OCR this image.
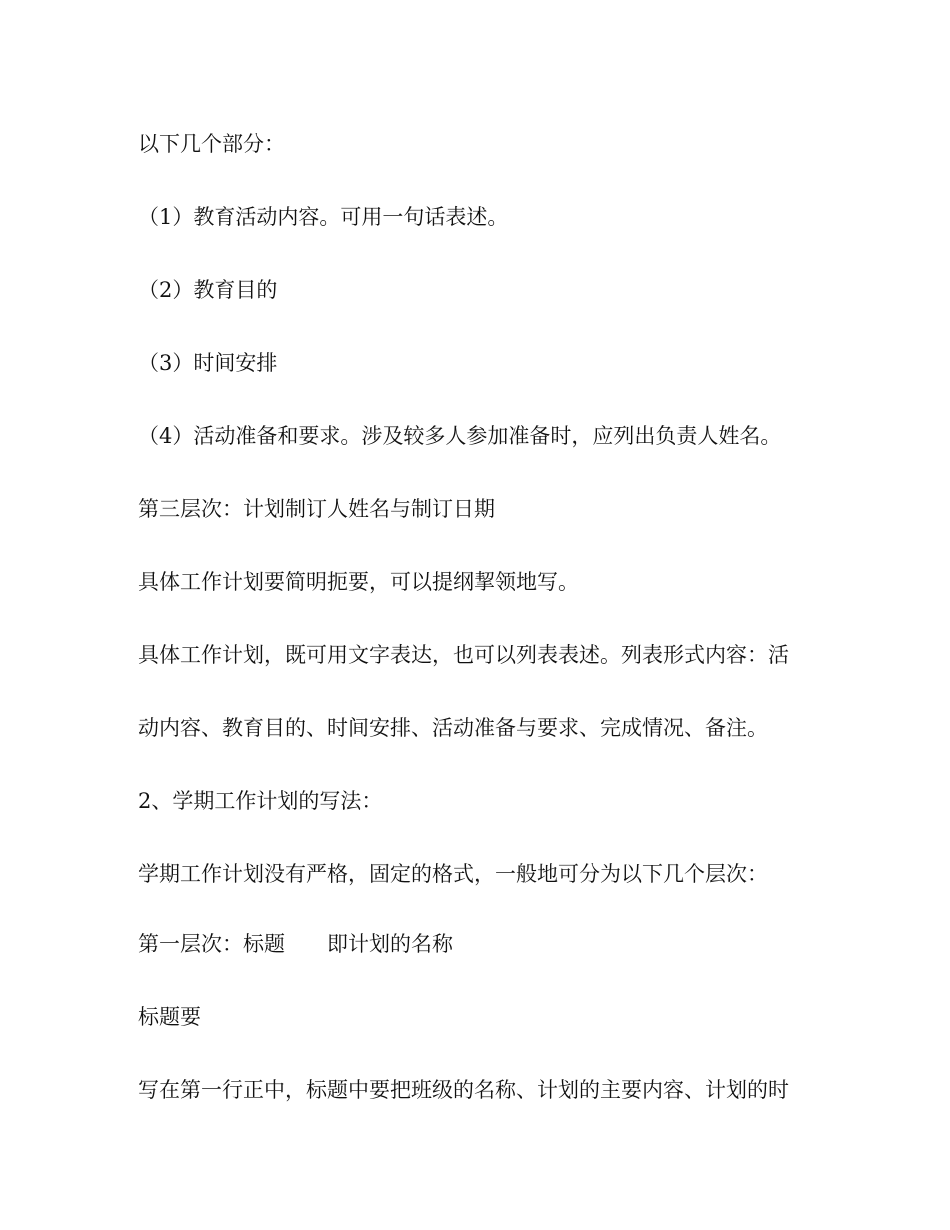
以下几个部分：
（1）教育活动内容。可用一句话表述。
（2）教育目的
（3）时间安排
（4）活动准备和要求。涉及较多人参加准备时，应列出负责人姓名。
第三层次：计划制订人姓名与制订日期
具体工作计划要简明扼要，可以提纲挈领地写。
具体工作计划，既可用文字表达，也可以列表表述。列表形式内容：活
动内容、教育目的、时间安排、活动准备与要求、完成情况、备注。
2、学期工作计划的写法：
学期工作计划没有严格，固定的格式，一般地可分为以下几个层次：
第一层次：标题　　即计划的名称
标题要
写在第一行正中，标题中要把班级的名称、计划的主要内容、计划的时
